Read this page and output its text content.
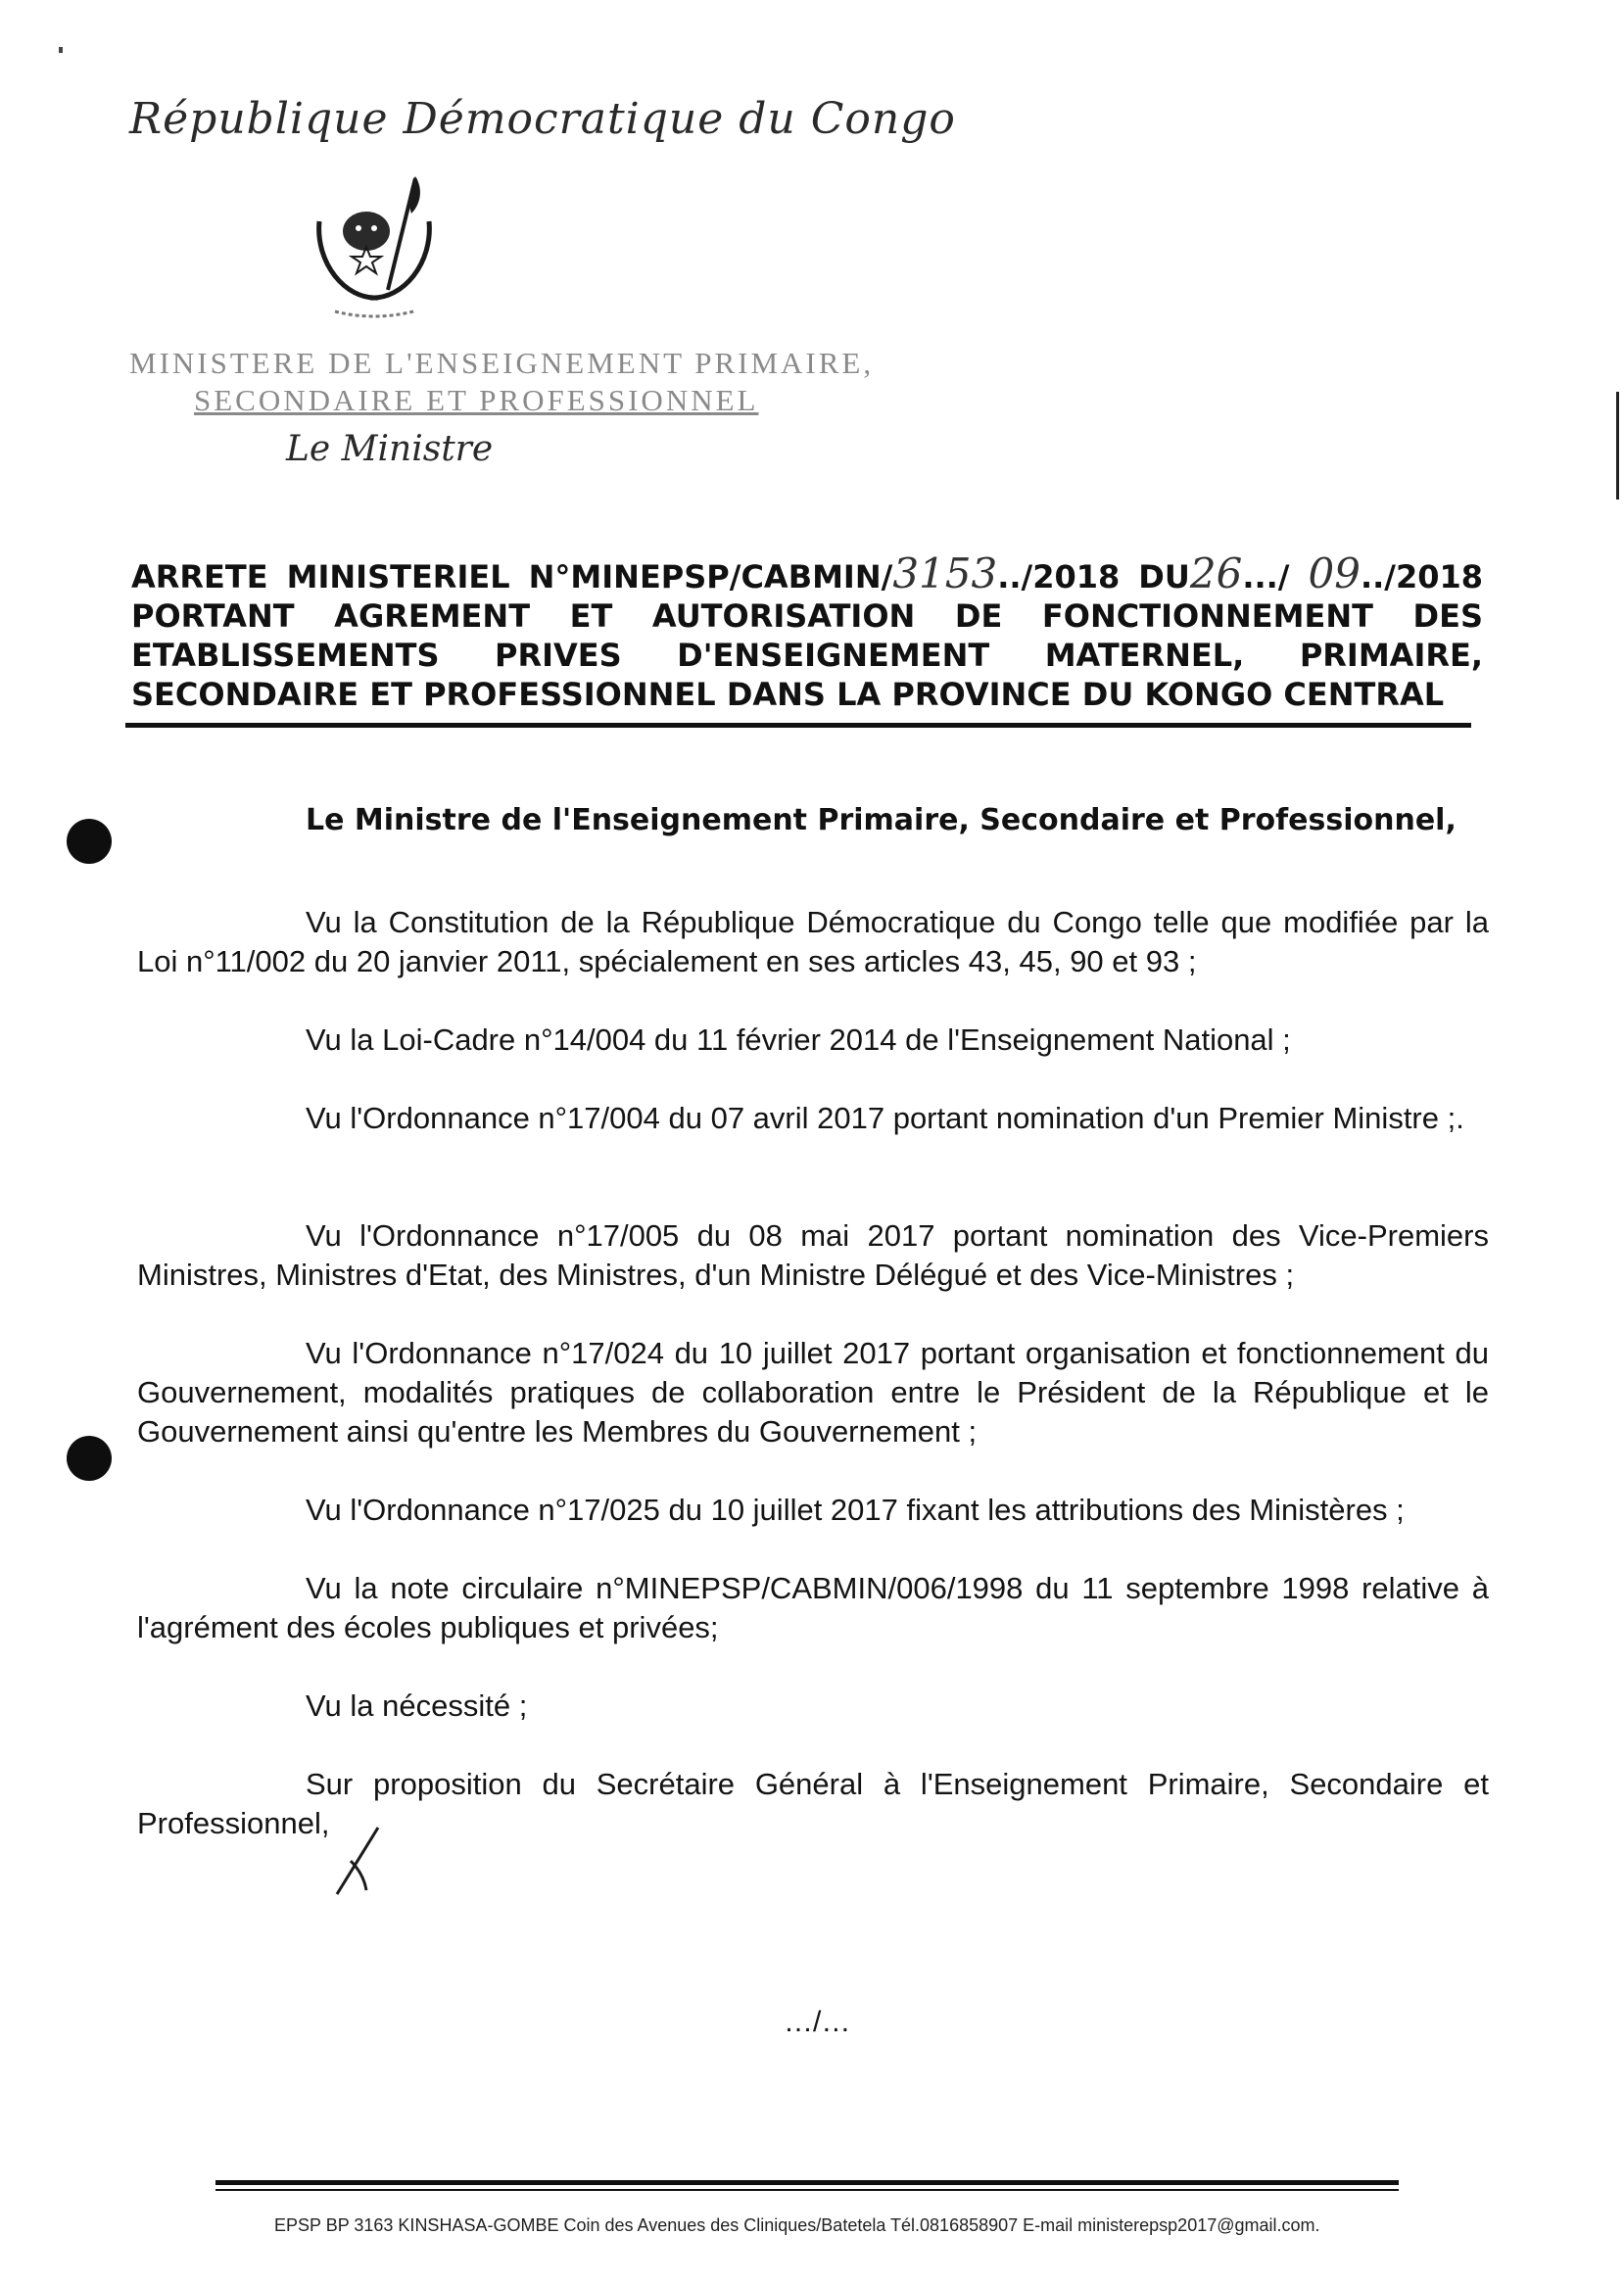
République Démocratique du Congo
MINISTERE DE L'ENSEIGNEMENT PRIMAIRE,
SECONDAIRE ET PROFESSIONNEL
Le Ministre
ARRETE MINISTERIEL N°MINEPSP/CABMIN/3153../2018 DU26.../ 09../2018
PORTANT AGREMENT ET AUTORISATION DE FONCTIONNEMENT DES
ETABLISSEMENTS PRIVES D'ENSEIGNEMENT MATERNEL, PRIMAIRE,
SECONDAIRE ET PROFESSIONNEL DANS LA PROVINCE DU KONGO CENTRAL
Le Ministre de l'Enseignement Primaire, Secondaire et Professionnel,
Vu la Constitution de la République Démocratique du Congo telle que modifiée par la Loi n°11/002 du 20 janvier 2011, spécialement en ses articles 43, 45, 90 et 93 ;
Vu la Loi-Cadre n°14/004 du 11 février 2014 de l'Enseignement National ;
Vu l'Ordonnance n°17/004 du 07 avril 2017 portant nomination d'un Premier Ministre ;.
Vu l'Ordonnance n°17/005 du 08 mai 2017 portant nomination des Vice-Premiers Ministres, Ministres d'Etat, des Ministres, d'un Ministre Délégué et des Vice-Ministres ;
Vu l'Ordonnance n°17/024 du 10 juillet 2017 portant organisation et fonctionnement du Gouvernement, modalités pratiques de collaboration entre le Président de la République et le Gouvernement ainsi qu'entre les Membres du Gouvernement ;
Vu l'Ordonnance n°17/025 du 10 juillet 2017 fixant les attributions des Ministères ;
Vu la note circulaire n°MINEPSP/CABMIN/006/1998 du 11 septembre 1998 relative à l'agrément des écoles publiques et privées;
Vu la nécessité ;
Sur proposition du Secrétaire Général à l'Enseignement Primaire, Secondaire et Professionnel,
…/…
EPSP BP 3163 KINSHASA-GOMBE Coin des Avenues des Cliniques/Batetela Tél.0816858907 E-mail ministerepsp2017@gmail.com.
